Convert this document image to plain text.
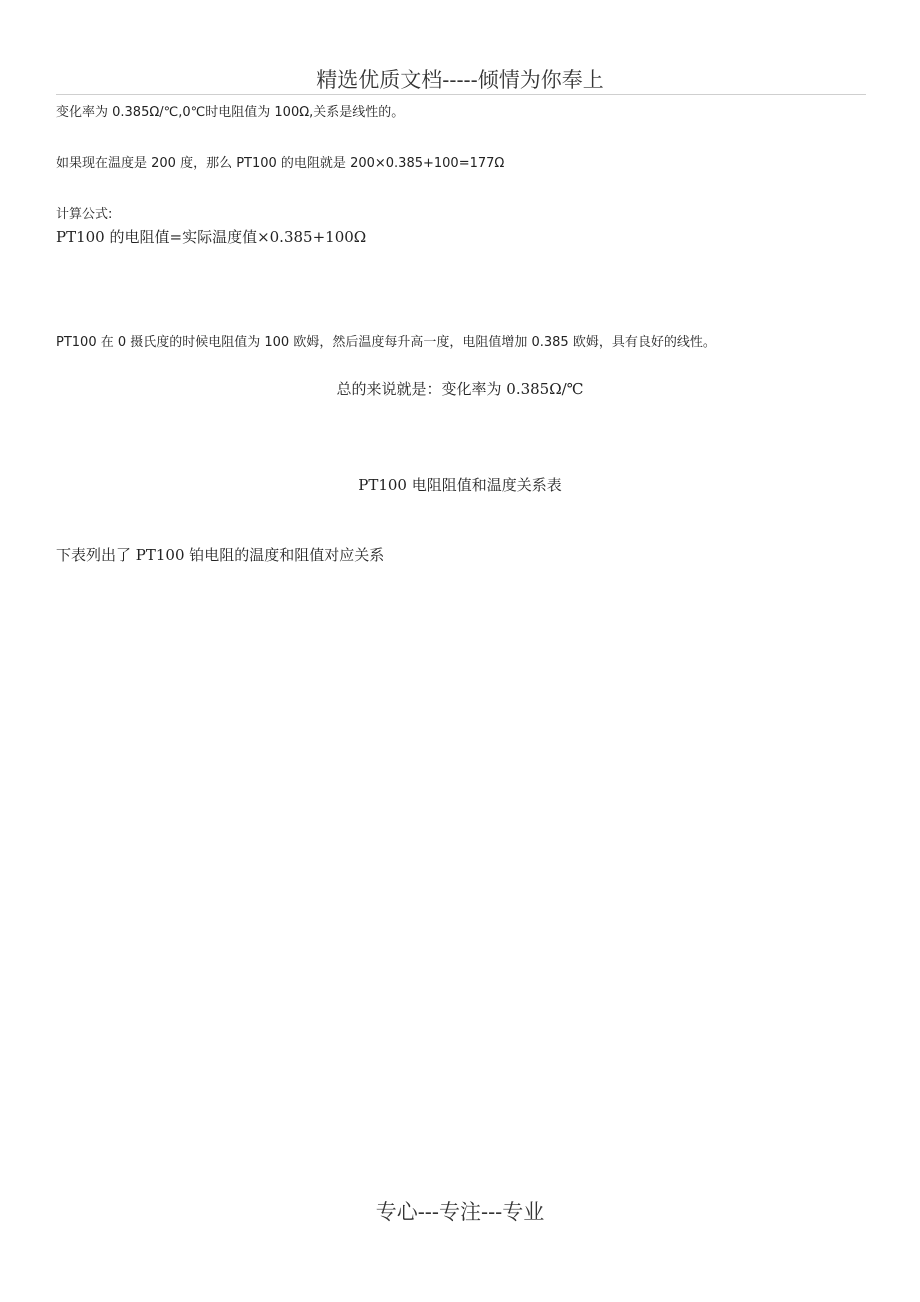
精选优质文档-----倾情为你奉上
变化率为 0.385Ω/℃,0℃时电阻值为 100Ω,关系是线性的。
如果现在温度是 200 度，那么 PT100 的电阻就是 200×0.385+100=177Ω
计算公式:
PT100 的电阻值=实际温度值×0.385+100Ω
PT100 在 0 摄氏度的时候电阻值为 100 欧姆，然后温度每升高一度，电阻值增加 0.385 欧姆，具有良好的线性。
总的来说就是：变化率为 0.385Ω/℃
PT100 电阻阻值和温度关系表
下表列出了 PT100 铂电阻的温度和阻值对应关系
专心---专注---专业
